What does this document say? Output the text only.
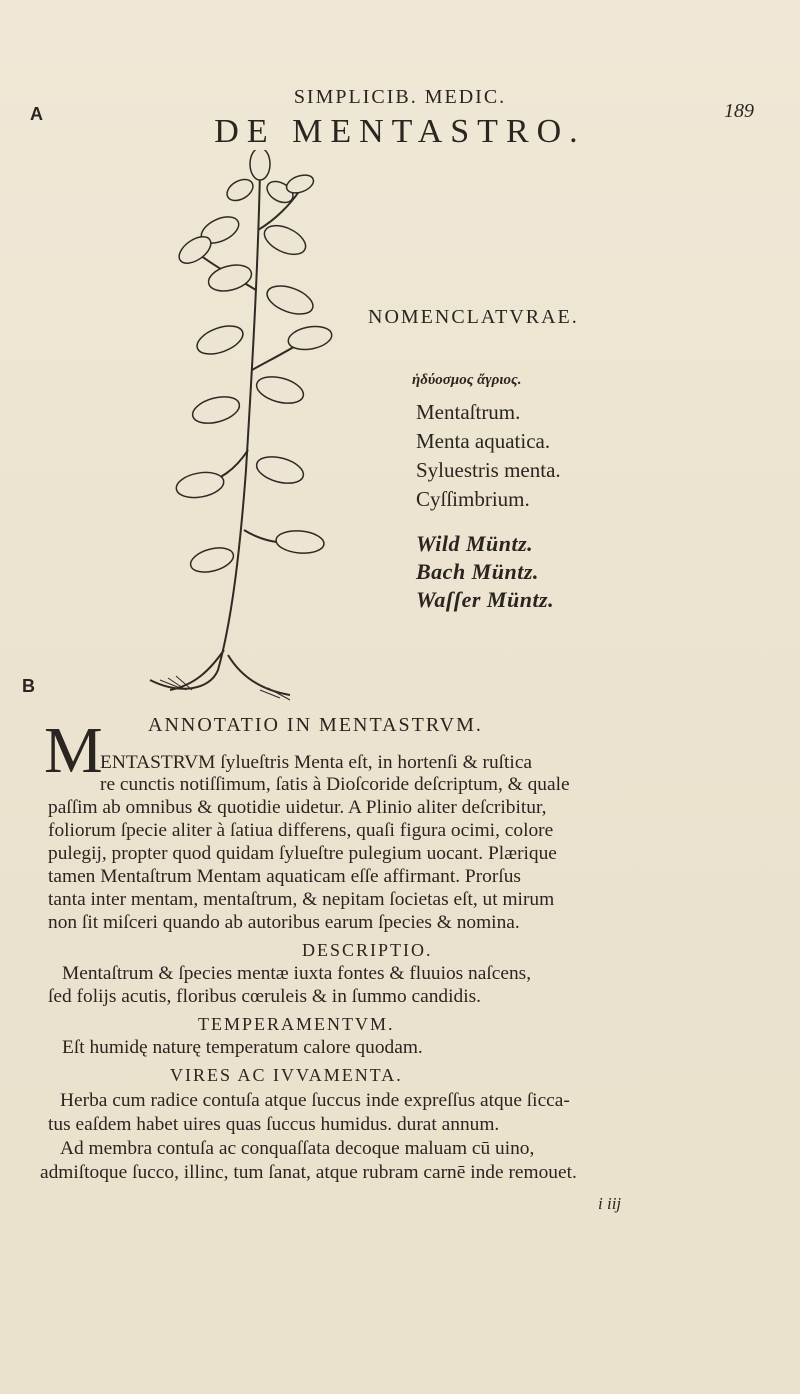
A
B
SIMPLICIB. MEDIC.
189
DE MENTASTRO.
NOMENCLATVRAE.
ἡδύοσμος ἄγριος.
Mentaſtrum.
Menta aquatica.
Syluestris menta.
Cyſſimbrium.
Wild Müntz.
Bach Müntz.
Waſſer Müntz.
ANNOTATIO IN MENTASTRVM.
M
ENTASTRVM ſylueſtris Menta eſt, in hortenſi & ruſtica
re cunctis notiſſimum, ſatis à Dioſcoride deſcriptum, & quale
paſſim ab omnibus & quotidie uidetur. A Plinio aliter deſcribitur,
foliorum ſpecie aliter à ſatiua differens, quaſi figura ocimi, colore
pulegij, propter quod quidam ſylueſtre pulegium uocant. Plærique
tamen Mentaſtrum Mentam aquaticam eſſe affirmant. Prorſus
tanta inter mentam, mentaſtrum, & nepitam ſocietas eſt, ut mirum
non ſit miſceri quando ab autoribus earum ſpecies & nomina.
DESCRIPTIO.
Mentaſtrum & ſpecies mentæ iuxta fontes & fluuios naſcens,
ſed folijs acutis, floribus cœruleis & in ſummo candidis.
TEMPERAMENTVM.
Eſt humidę naturę temperatum calore quodam.
VIRES AC IVVAMENTA.
Herba cum radice contuſa atque ſuccus inde expreſſus atque ſicca-
tus eaſdem habet uires quas ſuccus humidus. durat annum.
Ad membra contuſa ac conquaſſata decoque maluam cū uino,
admiſtoque ſucco, illinc, tum ſanat, atque rubram carnē inde remouet.
i iij
